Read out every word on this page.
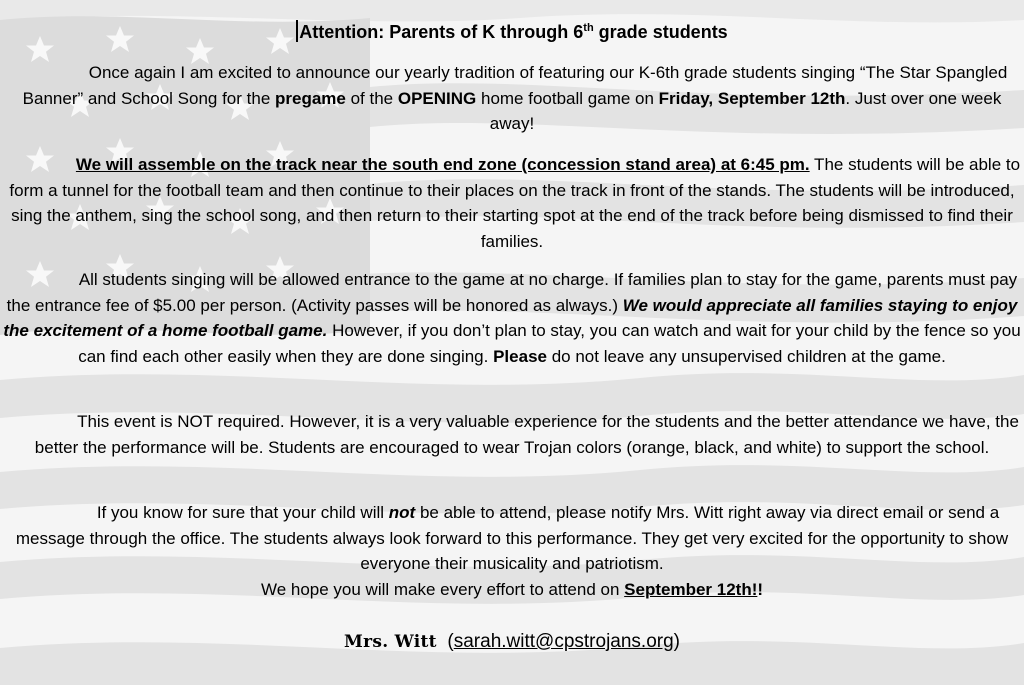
Attention: Parents of K through 6th grade students
Once again I am excited to announce our yearly tradition of featuring our K-6th grade students singing “The Star Spangled Banner” and School Song for the pregame of the OPENING home football game on Friday, September 12th. Just over one week away!
We will assemble on the track near the south end zone (concession stand area) at 6:45 pm. The students will be able to form a tunnel for the football team and then continue to their places on the track in front of the stands. The students will be introduced, sing the anthem, sing the school song, and then return to their starting spot at the end of the track before being dismissed to find their families.
All students singing will be allowed entrance to the game at no charge. If families plan to stay for the game, parents must pay the entrance fee of $5.00 per person. (Activity passes will be honored as always.) We would appreciate all families staying to enjoy the excitement of a home football game. However, if you don’t plan to stay, you can watch and wait for your child by the fence so you can find each other easily when they are done singing. Please do not leave any unsupervised children at the game.
This event is NOT required. However, it is a very valuable experience for the students and the better attendance we have, the better the performance will be. Students are encouraged to wear Trojan colors (orange, black, and white) to support the school.
If you know for sure that your child will not be able to attend, please notify Mrs. Witt right away via direct email or send a message through the office. The students always look forward to this performance. They get very excited for the opportunity to show everyone their musicality and patriotism.
We hope you will make every effort to attend on September 12th!!
Mrs. Witt (sarah.witt@cpstrojans.org)
